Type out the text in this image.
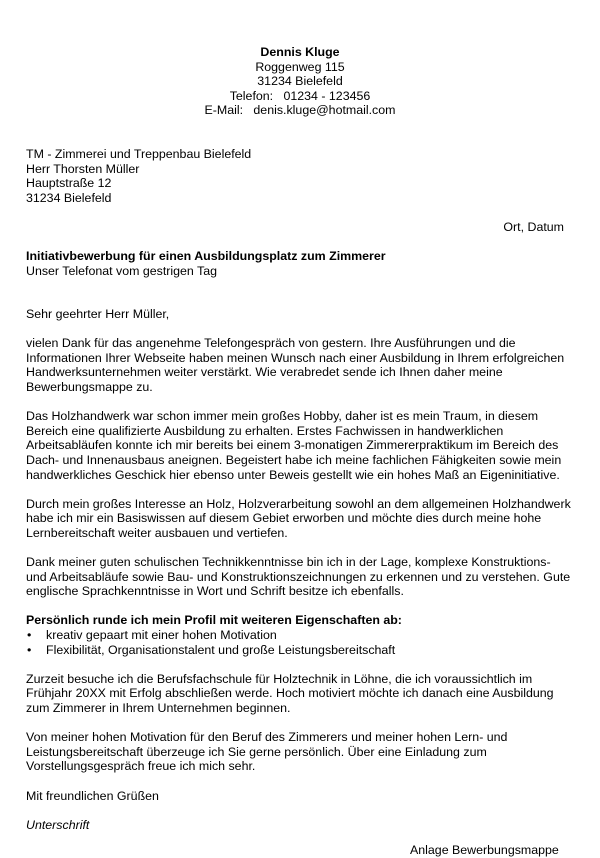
Dennis Kluge
Roggenweg 115
31234 Bielefeld
Telefon:   01234 - 123456
E-Mail:   denis.kluge@hotmail.com
TM - Zimmerei und Treppenbau Bielefeld
Herr Thorsten Müller
Hauptstraße 12
31234 Bielefeld
Ort, Datum
Initiativbewerbung für einen Ausbildungsplatz zum Zimmerer
Unser Telefonat vom gestrigen Tag

Sehr geehrter Herr Müller,

vielen Dank für das angenehme Telefongespräch von gestern. Ihre Ausführungen und die Informationen Ihrer Webseite haben meinen Wunsch nach einer Ausbildung in Ihrem erfolgreichen Handwerksunternehmen weiter verstärkt. Wie verabredet sende ich Ihnen daher meine Bewerbungsmappe zu.

Das Holzhandwerk war schon immer mein großes Hobby, daher ist es mein Traum, in diesem Bereich eine qualifizierte Ausbildung zu erhalten. Erstes Fachwissen in handwerklichen Arbeitsabläufen konnte ich mir bereits bei einem 3-monatigen Zimmererpraktikum im Bereich des Dach- und Innenausbaus aneignen. Begeistert habe ich meine fachlichen Fähigkeiten sowie mein handwerkliches Geschick hier ebenso unter Beweis gestellt wie ein hohes Maß an Eigeninitiative.

Durch mein großes Interesse an Holz, Holzverarbeitung sowohl an dem allgemeinen Holzhandwerk habe ich mir ein Basiswissen auf diesem Gebiet erworben und möchte dies durch meine hohe Lernbereitschaft weiter ausbauen und vertiefen.

Dank meiner guten schulischen Technikkenntnisse bin ich in der Lage, komplexe Konstruktions- und Arbeitsabläufe sowie Bau- und Konstruktionszeichnungen zu erkennen und zu verstehen. Gute englische Sprachkenntnisse in Wort und Schrift besitze ich ebenfalls.

Persönlich runde ich mein Profil mit weiteren Eigenschaften ab:
• kreativ gepaart mit einer hohen Motivation
• Flexibilität, Organisationstalent und große Leistungsbereitschaft

Zurzeit besuche ich die Berufsfachschule für Holztechnik in Löhne, die ich voraussichtlich im Frühjahr 20XX mit Erfolg abschließen werde. Hoch motiviert möchte ich danach eine Ausbildung zum Zimmerer in Ihrem Unternehmen beginnen.

Von meiner hohen Motivation für den Beruf des Zimmerers und meiner hohen Lern- und Leistungsbereitschaft überzeuge ich Sie gerne persönlich. Über eine Einladung zum Vorstellungsgespräch freue ich mich sehr.

Mit freundlichen Grüßen

Unterschrift

Anlage Bewerbungsmappe
